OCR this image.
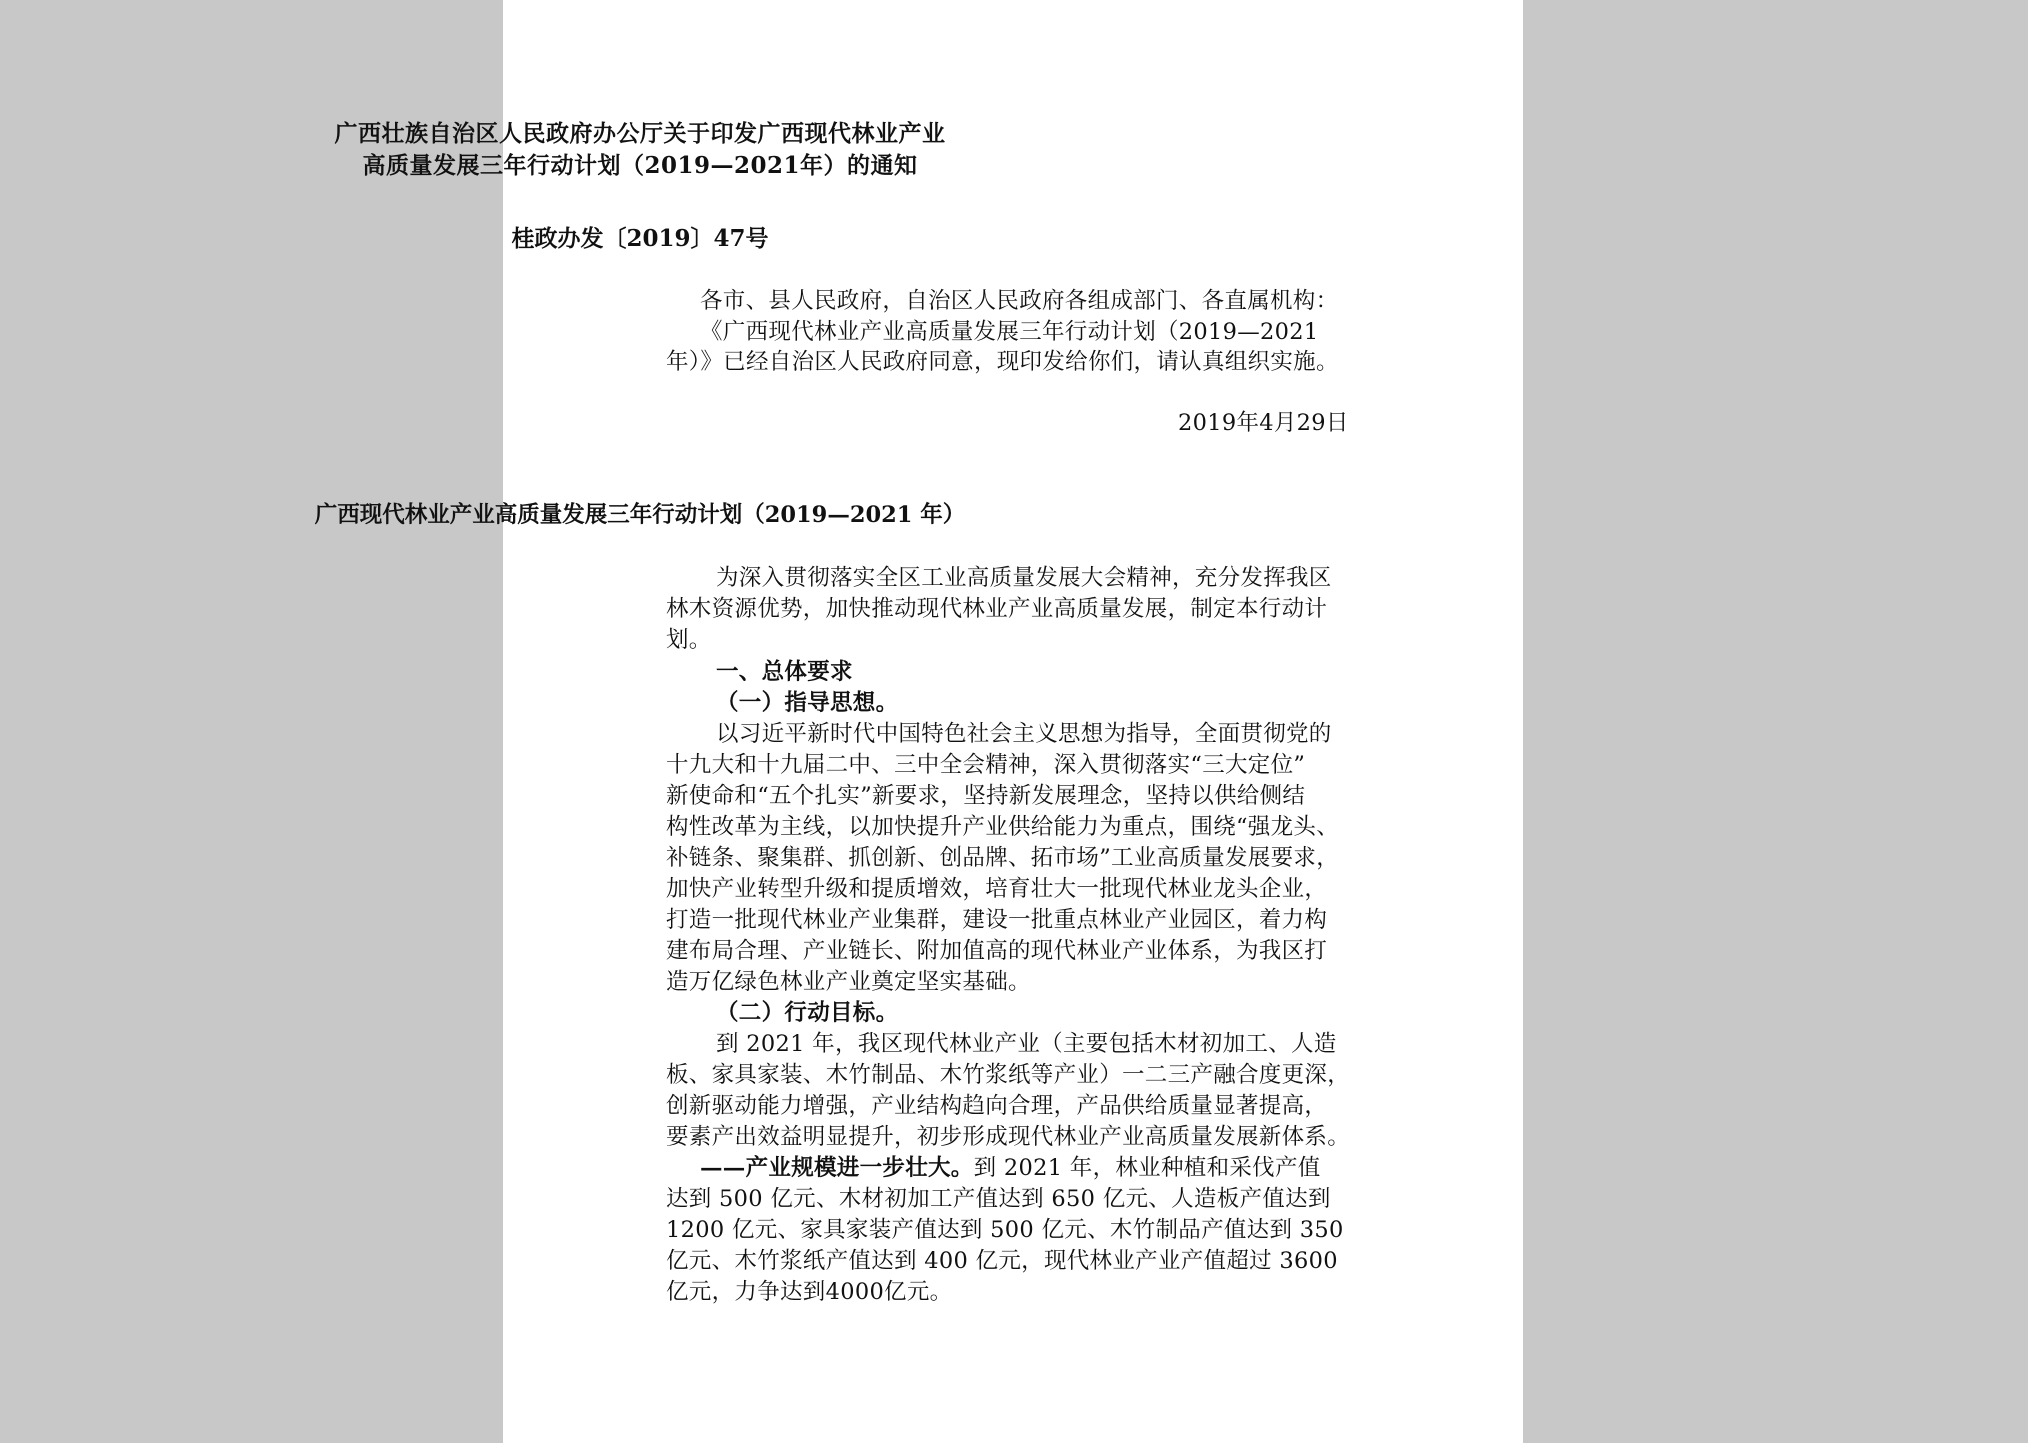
广西壮族自治区人民政府办公厅关于印发广西现代林业产业
高质量发展三年行动计划（2019—2021年）的通知
桂政办发〔2019〕47号
各市、县人民政府，自治区人民政府各组成部门、各直属机构：
《广西现代林业产业高质量发展三年行动计划（2019—2021
年）》已经自治区人民政府同意，现印发给你们，请认真组织实施。
2019年4月29日
广西现代林业产业高质量发展三年行动计划（2019—2021 年）
为深入贯彻落实全区工业高质量发展大会精神，充分发挥我区
林木资源优势，加快推动现代林业产业高质量发展，制定本行动计
划。
一、总体要求
（一）指导思想。
以习近平新时代中国特色社会主义思想为指导，全面贯彻党的
十九大和十九届二中、三中全会精神，深入贯彻落实“三大定位”
新使命和“五个扎实”新要求，坚持新发展理念，坚持以供给侧结
构性改革为主线，以加快提升产业供给能力为重点，围绕“强龙头、
补链条、聚集群、抓创新、创品牌、拓市场”工业高质量发展要求，
加快产业转型升级和提质增效，培育壮大一批现代林业龙头企业，
打造一批现代林业产业集群，建设一批重点林业产业园区，着力构
建布局合理、产业链长、附加值高的现代林业产业体系，为我区打
造万亿绿色林业产业奠定坚实基础。
（二）行动目标。
到 2021 年，我区现代林业产业（主要包括木材初加工、人造
板、家具家装、木竹制品、木竹浆纸等产业）一二三产融合度更深，
创新驱动能力增强，产业结构趋向合理，产品供给质量显著提高，
要素产出效益明显提升，初步形成现代林业产业高质量发展新体系。
——产业规模进一步壮大。到 2021 年，林业种植和采伐产值
达到 500 亿元、木材初加工产值达到 650 亿元、人造板产值达到
1200 亿元、家具家装产值达到 500 亿元、木竹制品产值达到 350
亿元、木竹浆纸产值达到 400 亿元，现代林业产业产值超过 3600
亿元，力争达到4000亿元。
